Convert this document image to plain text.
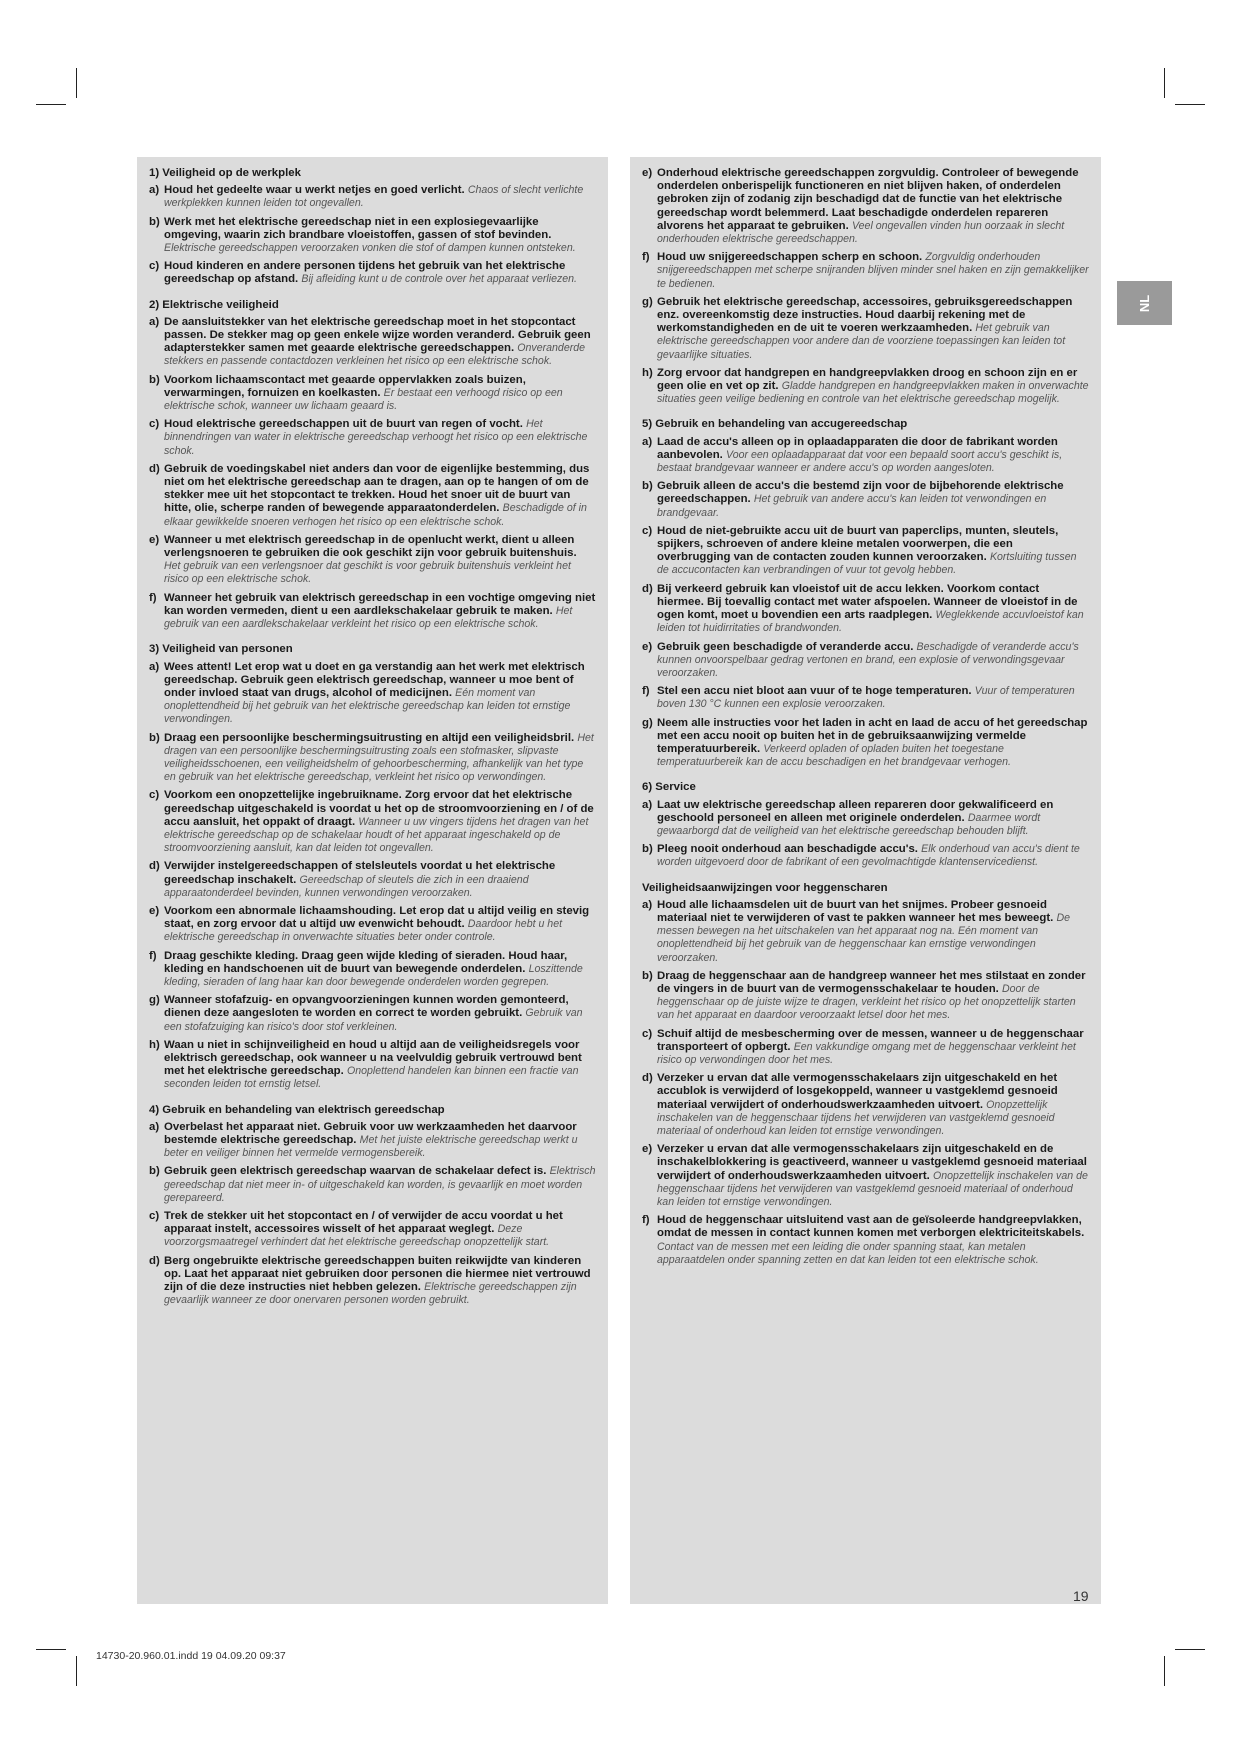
1) Veiligheid op de werkplek
a) Houd het gedeelte waar u werkt netjes en goed verlicht. Chaos of slecht verlichte werkplekken kunnen leiden tot ongevallen.
b) Werk met het elektrische gereedschap niet in een explosiegevaarlijke omgeving, waarin zich brandbare vloeistoffen, gassen of stof bevinden. Elektrische gereedschappen veroorzaken vonken die stof of dampen kunnen ontsteken.
c) Houd kinderen en andere personen tijdens het gebruik van het elektrische gereedschap op afstand. Bij afleiding kunt u de controle over het apparaat verliezen.
2) Elektrische veiligheid
a) De aansluitstekker van het elektrische gereedschap moet in het stopcontact passen. De stekker mag op geen enkele wijze worden veranderd. Gebruik geen adapterstekker samen met geaarde elektrische gereedschappen. Onveranderde stekkers en passende contactdozen verkleinen het risico op een elektrische schok.
b) Voorkom lichaamscontact met geaarde oppervlakken zoals buizen, verwarmingen, fornuizen en koelkasten. Er bestaat een verhoogd risico op een elektrische schok, wanneer uw lichaam geaard is.
c) Houd elektrische gereedschappen uit de buurt van regen of vocht. Het binnendringen van water in elektrische gereedschap verhoogt het risico op een elektrische schok.
d) Gebruik de voedingskabel niet anders dan voor de eigenlijke bestemming, dus niet om het elektrische gereedschap aan te dragen, aan op te hangen of om de stekker mee uit het stopcontact te trekken. Houd het snoer uit de buurt van hitte, olie, scherpe randen of bewegende apparaatonderdelen. Beschadigde of in elkaar gewikkelde snoeren verhogen het risico op een elektrische schok.
e) Wanneer u met elektrisch gereedschap in de openlucht werkt, dient u alleen verlengsnoeren te gebruiken die ook geschikt zijn voor gebruik buitenshuis. Het gebruik van een verlengsnoer dat geschikt is voor gebruik buitenshuis verkleint het risico op een elektrische schok.
f) Wanneer het gebruik van elektrisch gereedschap in een vochtige omgeving niet kan worden vermeden, dient u een aardlekschakelaar gebruik te maken. Het gebruik van een aardlekschakelaar verkleint het risico op een elektrische schok.
3) Veiligheid van personen
a) Wees attent! Let erop wat u doet en ga verstandig aan het werk met elektrisch gereedschap. Gebruik geen elektrisch gereedschap, wanneer u moe bent of onder invloed staat van drugs, alcohol of medicijnen. Eén moment van onoplettendheid bij het gebruik van het elektrische gereedschap kan leiden tot ernstige verwondingen.
b) Draag een persoonlijke beschermingsuitrusting en altijd een veiligheidsbril. Het dragen van een persoonlijke beschermingsuitrusting zoals een stofmasker, slipvaste veiligheidsschoenen, een veiligheidshelm of gehoorbescherming, afhankelijk van het type en gebruik van het elektrische gereedschap, verkleint het risico op verwondingen.
c) Voorkom een onopzettelijke ingebruikname. Zorg ervoor dat het elektrische gereedschap uitgeschakeld is voordat u het op de stroomvoorziening en / of de accu aansluit, het oppakt of draagt. Wanneer u uw vingers tijdens het dragen van het elektrische gereedschap op de schakelaar houdt of het apparaat ingeschakeld op de stroomvoorziening aansluit, kan dat leiden tot ongevallen.
d) Verwijder instelgereedschappen of stelsleutels voordat u het elektrische gereedschap inschakelt. Gereedschap of sleutels die zich in een draaiend apparaatonderdeel bevinden, kunnen verwondingen veroorzaken.
e) Voorkom een abnormale lichaamshouding. Let erop dat u altijd veilig en stevig staat, en zorg ervoor dat u altijd uw evenwicht behoudt. Daardoor hebt u het elektrische gereedschap in onverwachte situaties beter onder controle.
f) Draag geschikte kleding. Draag geen wijde kleding of sieraden. Houd haar, kleding en handschoenen uit de buurt van bewegende onderdelen. Loszittende kleding, sieraden of lang haar kan door bewegende onderdelen worden gegrepen.
g) Wanneer stofafzuig- en opvangvoorzieningen kunnen worden gemonteerd, dienen deze aangesloten te worden en correct te worden gebruikt. Gebruik van een stofafzuiging kan risico's door stof verkleinen.
h) Waan u niet in schijnveiligheid en houd u altijd aan de veiligheidsregels voor elektrisch gereedschap, ook wanneer u na veelvuldig gebruik vertrouwd bent met het elektrische gereedschap. Onoplettend handelen kan binnen een fractie van seconden leiden tot ernstig letsel.
4) Gebruik en behandeling van elektrisch gereedschap
a) Overbelast het apparaat niet. Gebruik voor uw werkzaamheden het daarvoor bestemde elektrische gereedschap. Met het juiste elektrische gereedschap werkt u beter en veiliger binnen het vermelde vermogensbereik.
b) Gebruik geen elektrisch gereedschap waarvan de schakelaar defect is. Elektrisch gereedschap dat niet meer in- of uitgeschakeld kan worden, is gevaarlijk en moet worden gerepareerd.
c) Trek de stekker uit het stopcontact en / of verwijder de accu voordat u het apparaat instelt, accessoires wisselt of het apparaat weglegt. Deze voorzorgsmaatregel verhindert dat het elektrische gereedschap onopzettelijk start.
d) Berg ongebruikte elektrische gereedschappen buiten reikwijdte van kinderen op. Laat het apparaat niet gebruiken door personen die hiermee niet vertrouwd zijn of die deze instructies niet hebben gelezen. Elektrische gereedschappen zijn gevaarlijk wanneer ze door onervaren personen worden gebruikt.
e) Onderhoud elektrische gereedschappen zorgvuldig. Controleer of bewegende onderdelen onberispelijk functioneren en niet blijven haken, of onderdelen gebroken zijn of zodanig zijn beschadigd dat de functie van het elektrische gereedschap wordt belemmerd. Laat beschadigde onderdelen repareren alvorens het apparaat te gebruiken. Veel ongevallen vinden hun oorzaak in slecht onderhouden elektrische gereedschappen.
f) Houd uw snijgereedschappen scherp en schoon. Zorgvuldig onderhouden snijgereedschappen met scherpe snijranden blijven minder snel haken en zijn gemakkelijker te bedienen.
g) Gebruik het elektrische gereedschap, accessoires, gebruiksgereedschappen enz. overeenkomstig deze instructies. Houd daarbij rekening met de werkomstandigheden en de uit te voeren werkzaamheden. Het gebruik van elektrische gereedschappen voor andere dan de voorziene toepassingen kan leiden tot gevaarlijke situaties.
h) Zorg ervoor dat handgrepen en handgreepvlakken droog en schoon zijn en er geen olie en vet op zit. Gladde handgrepen en handgreepvlakken maken in onverwachte situaties geen veilige bediening en controle van het elektrische gereedschap mogelijk.
5) Gebruik en behandeling van accugereedschap
a) Laad de accu's alleen op in oplaadapparaten die door de fabrikant worden aanbevolen. Voor een oplaadapparaat dat voor een bepaald soort accu's geschikt is, bestaat brandgevaar wanneer er andere accu's op worden aangesloten.
b) Gebruik alleen de accu's die bestemd zijn voor de bijbehorende elektrische gereedschappen. Het gebruik van andere accu's kan leiden tot verwondingen en brandgevaar.
c) Houd de niet-gebruikte accu uit de buurt van paperclips, munten, sleutels, spijkers, schroeven of andere kleine metalen voorwerpen, die een overbrugging van de contacten zouden kunnen veroorzaken. Kortsluiting tussen de accucontacten kan verbrandingen of vuur tot gevolg hebben.
d) Bij verkeerd gebruik kan vloeistof uit de accu lekken. Voorkom contact hiermee. Bij toevallig contact met water afspoelen. Wanneer de vloeistof in de ogen komt, moet u bovendien een arts raadplegen. Weglekkende accuvloeistof kan leiden tot huidirritaties of brandwonden.
e) Gebruik geen beschadigde of veranderde accu. Beschadigde of veranderde accu's kunnen onvoorspelbaar gedrag vertonen en brand, een explosie of verwondingsgevaar veroorzaken.
f) Stel een accu niet bloot aan vuur of te hoge temperaturen. Vuur of temperaturen boven 130 °C kunnen een explosie veroorzaken.
g) Neem alle instructies voor het laden in acht en laad de accu of het gereedschap met een accu nooit op buiten het in de gebruiksaanwijzing vermelde temperatuurbereik. Verkeerd opladen of opladen buiten het toegestane temperatuurbereik kan de accu beschadigen en het brandgevaar verhogen.
6) Service
a) Laat uw elektrische gereedschap alleen repareren door gekwalificeerd en geschoold personeel en alleen met originele onderdelen. Daarmee wordt gewaarborgd dat de veiligheid van het elektrische gereedschap behouden blijft.
b) Pleeg nooit onderhoud aan beschadigde accu's. Elk onderhoud van accu's dient te worden uitgevoerd door de fabrikant of een gevolmachtigde klantenservicedienst.
Veiligheidsaanwijzingen voor heggenscharen
a) Houd alle lichaamsdelen uit de buurt van het snijmes. Probeer gesnoeid materiaal niet te verwijderen of vast te pakken wanneer het mes beweegt. De messen bewegen na het uitschakelen van het apparaat nog na. Eén moment van onoplettendheid bij het gebruik van de heggenschaar kan ernstige verwondingen veroorzaken.
b) Draag de heggenschaar aan de handgreep wanneer het mes stilstaat en zonder de vingers in de buurt van de vermogensschakelaar te houden. Door de heggenschaar op de juiste wijze te dragen, verkleint het risico op het onopzettelijk starten van het apparaat en daardoor veroorzaakt letsel door het mes.
c) Schuif altijd de mesbescherming over de messen, wanneer u de heggenschaar transporteert of opbergt. Een vakkundige omgang met de heggenschaar verkleint het risico op verwondingen door het mes.
d) Verzeker u ervan dat alle vermogensschakelaars zijn uitgeschakeld en het accublok is verwijderd of losgekoppeld, wanneer u vastgeklemd gesnoeid materiaal verwijdert of onderhoudswerkzaamheden uitvoert. Onopzettelijk inschakelen van de heggenschaar tijdens het verwijderen van vastgeklemd gesnoeid materiaal of onderhoud kan leiden tot ernstige verwondingen.
e) Verzeker u ervan dat alle vermogensschakelaars zijn uitgeschakeld en de inschakelblokkering is geactiveerd, wanneer u vastgeklemd gesnoeid materiaal verwijdert of onderhoudswerkzaamheden uitvoert. Onopzettelijk inschakelen van de heggenschaar tijdens het verwijderen van vastgeklemd gesnoeid materiaal of onderhoud kan leiden tot ernstige verwondingen.
f) Houd de heggenschaar uitsluitend vast aan de geïsoleerde handgreepvlakken, omdat de messen in contact kunnen komen met verborgen elektriciteitskabels. Contact van de messen met een leiding die onder spanning staat, kan metalen apparaatdelen onder spanning zetten en dat kan leiden tot een elektrische schok.
NL
19
14730-20.960.01.indd 19 04.09.20 09:37
